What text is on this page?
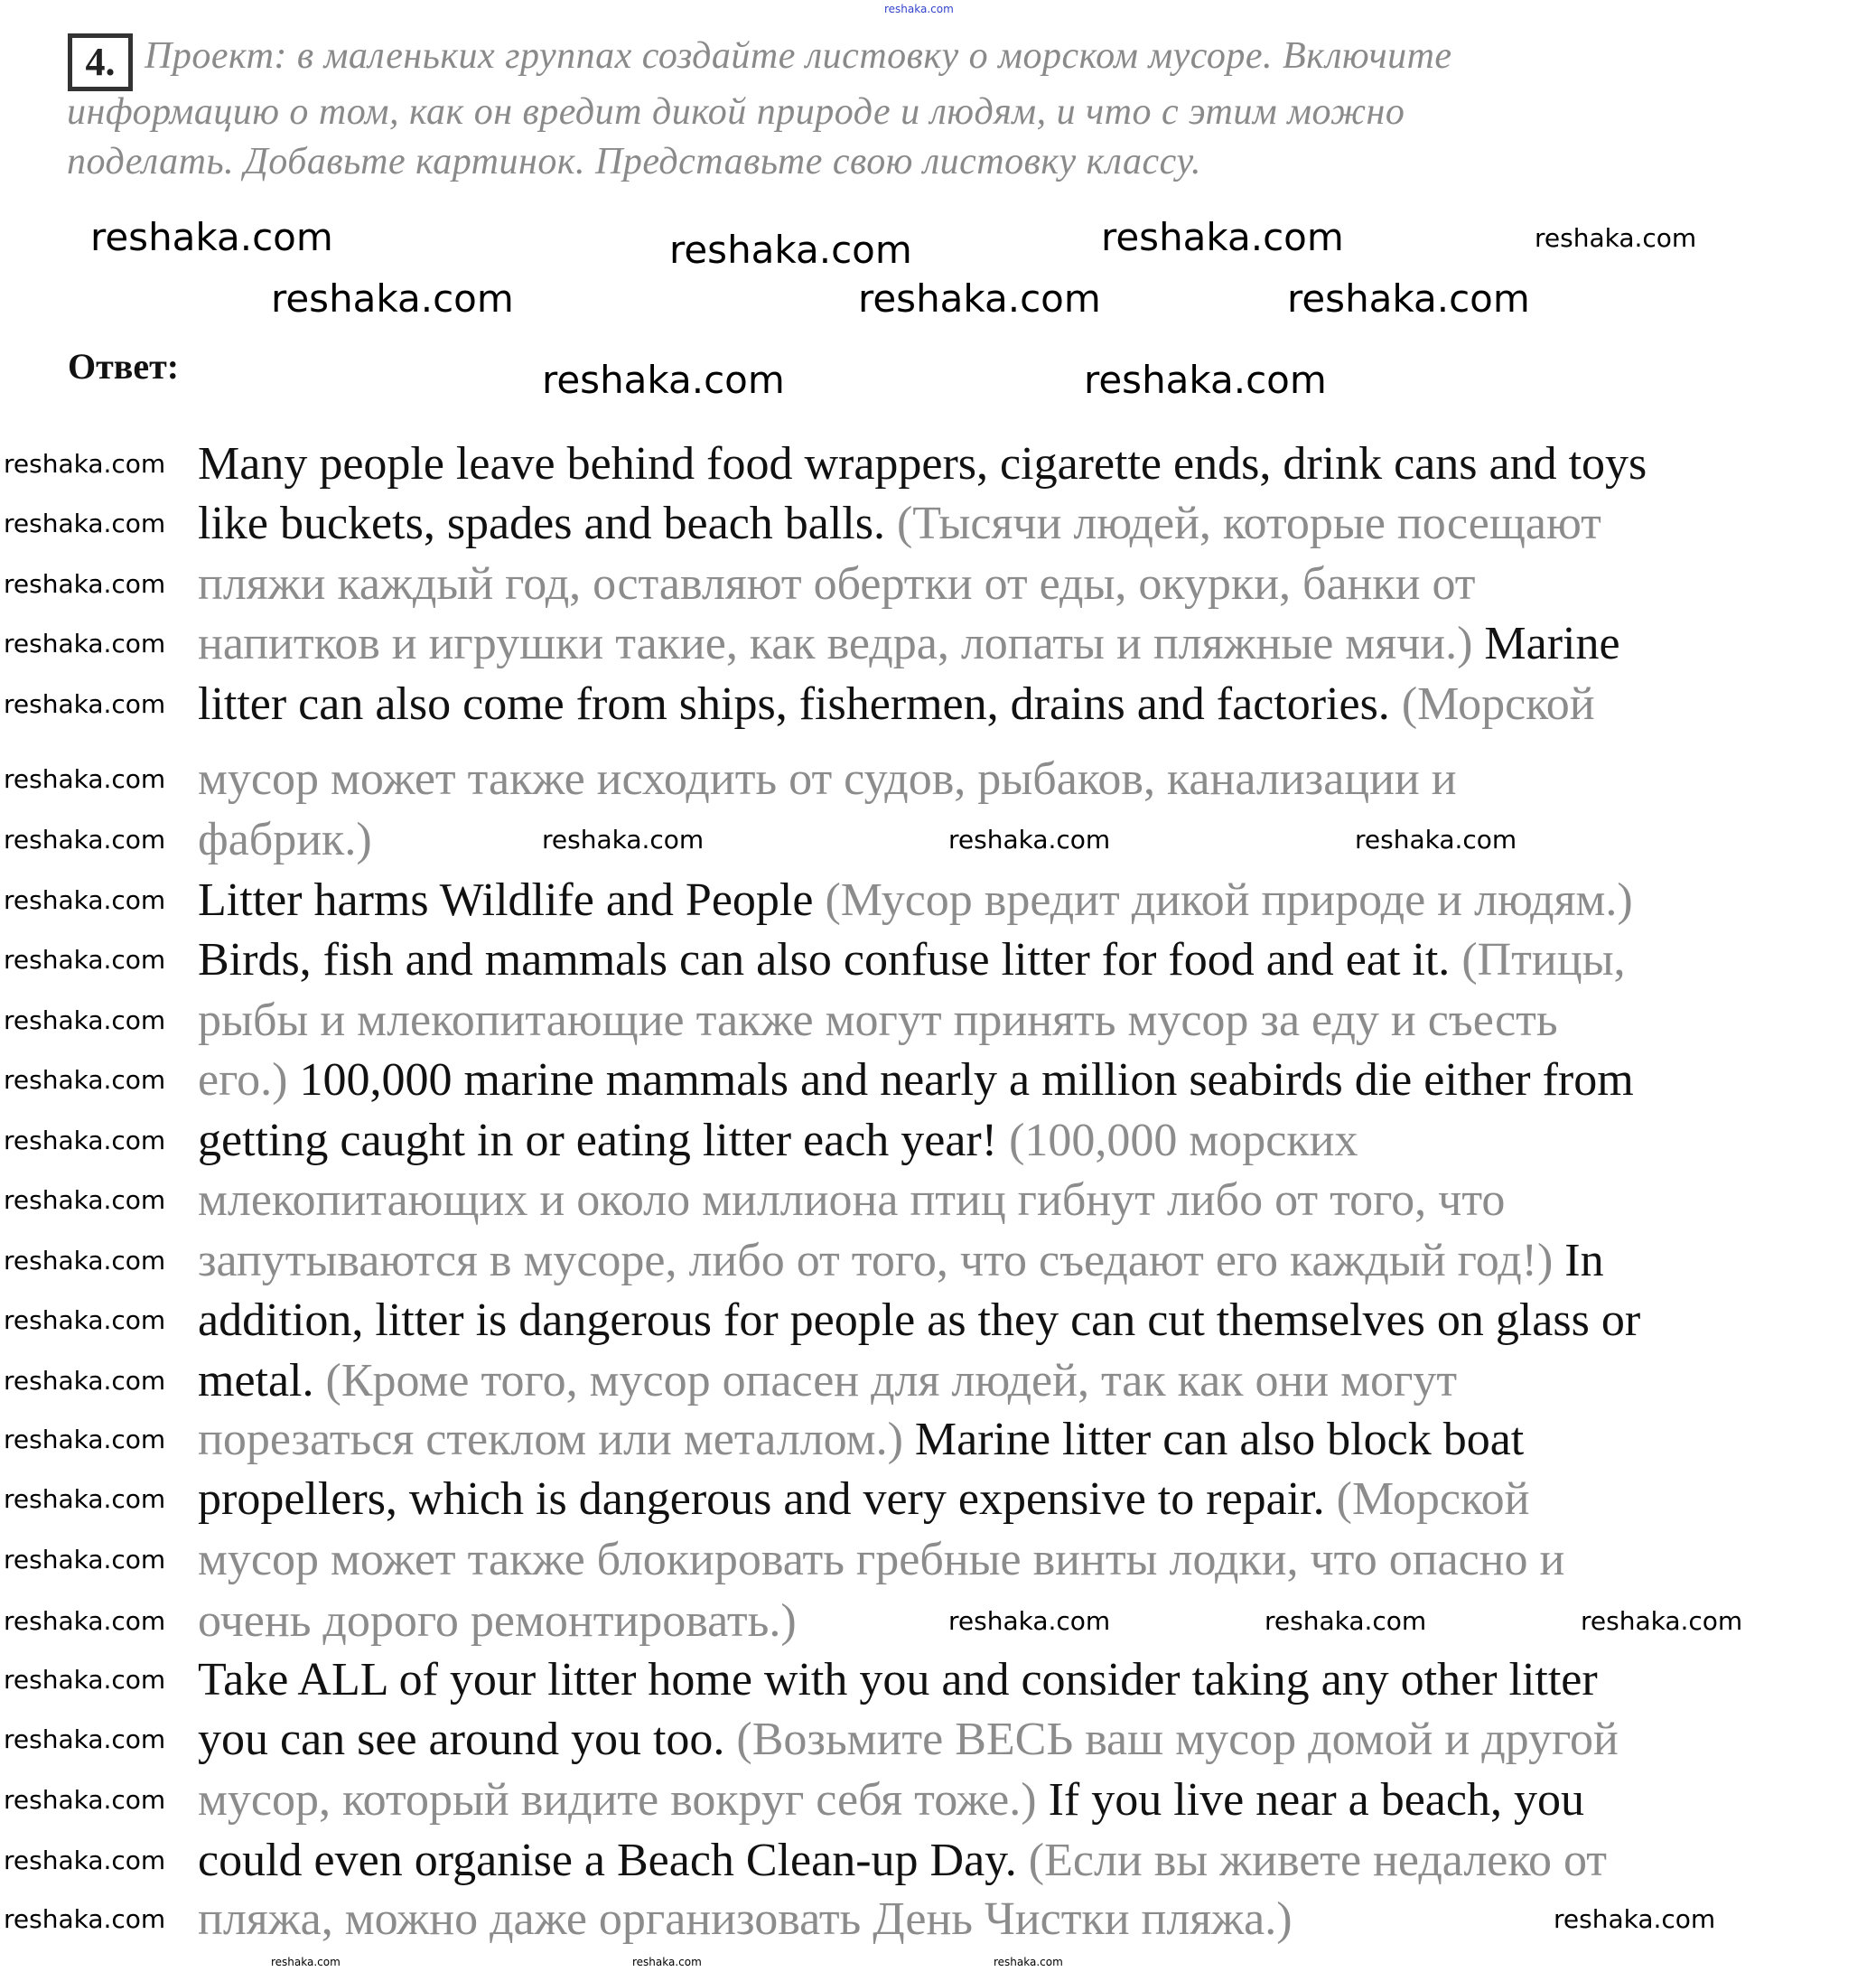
4. Проект: в маленьких группах создайте листовку о морском мусоре. Включите
информацию о том, как он вредит дикой природе и людям, и что с этим можно
поделать. Добавьте картинок. Представьте свою листовку классу.
Ответ:
Many people leave behind food wrappers, cigarette ends, drink cans and toys
like buckets, spades and beach balls. (Тысячи людей, которые посещают
пляжи каждый год, оставляют обертки от еды, окурки, банки от
напитков и игрушки такие, как ведра, лопаты и пляжные мячи.) Marine
litter can also come from ships, fishermen, drains and factories. (Морской
мусор может также исходить от судов, рыбаков, канализации и
фабрик.)
Litter harms Wildlife and People (Мусор вредит дикой природе и людям.)
Birds, fish and mammals can also confuse litter for food and eat it. (Птицы,
рыбы и млекопитающие также могут принять мусор за еду и съесть
его.) 100,000 marine mammals and nearly a million seabirds die either from
getting caught in or eating litter each year! (100,000 морских
млекопитающих и около миллиона птиц гибнут либо от того, что
запутываются в мусоре, либо от того, что съедают его каждый год!) In
addition, litter is dangerous for people as they can cut themselves on glass or
metal. (Кроме того, мусор опасен для людей, так как они могут
порезаться стеклом или металлом.) Marine litter can also block boat
propellers, which is dangerous and very expensive to repair. (Морской
мусор может также блокировать гребные винты лодки, что опасно и
очень дорого ремонтировать.)
Take ALL of your litter home with you and consider taking any other litter
you can see around you too. (Возьмите ВЕСЬ ваш мусор домой и другой
мусор, который видите вокруг себя тоже.) If you live near a beach, you
could even organise a Beach Clean-up Day. (Если вы живете недалеко от
пляжа, можно даже организовать День Чистки пляжа.)
reshaka.com
reshaka.com	reshaka.com	reshaka.com	reshaka.com
reshaka.com	reshaka.com	reshaka.com
reshaka.com	reshaka.com
reshaka.com
reshaka.com
reshaka.com
reshaka.com
reshaka.com
reshaka.com
reshaka.com
reshaka.com
reshaka.com
reshaka.com
reshaka.com
reshaka.com
reshaka.com
reshaka.com
reshaka.com
reshaka.com
reshaka.com
reshaka.com
reshaka.com
reshaka.com
reshaka.com
reshaka.com
reshaka.com
reshaka.com
reshaka.com
reshaka.com	reshaka.com	reshaka.com
reshaka.com	reshaka.com	reshaka.com
reshaka.com
reshaka.com	reshaka.com	reshaka.com
